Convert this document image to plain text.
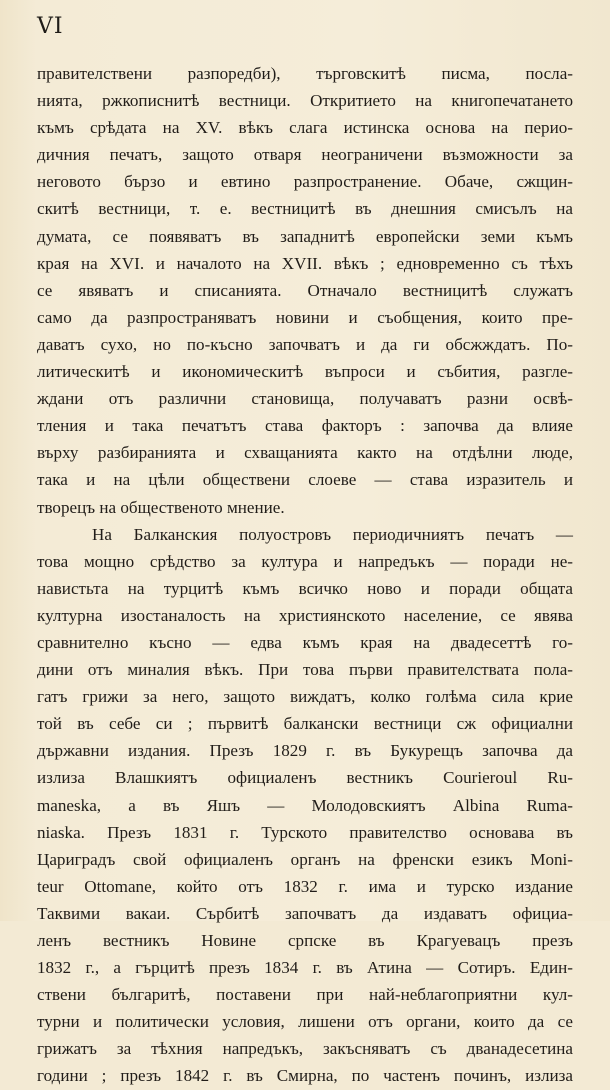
VI
правителствени разпоредби), търговскитѣ писма, посла-
нията, ржкописнитѣ вестници. Откритието на книгопечатането
къмъ срѣдата на XV. вѣкъ слага истинска основа на перио-
дичния печатъ, защото отваря неограничени възможности за
неговото бързо и евтино разпространение. Обаче, сжщин-
скитѣ вестници, т. е. вестницитѣ въ днешния смисълъ на
думата, се появяватъ въ западнитѣ европейски земи къмъ
края на XVI. и началото на XVII. вѣкъ ; едновременно съ тѣхъ
се явяватъ и списанията. Отначало вестницитѣ служатъ
само да разпространяватъ новини и съобщения, които пре-
даватъ сухо, но по-късно започватъ и да ги обсжждатъ. По-
литическитѣ и икономическитѣ въпроси и събития, разгле-
ждани отъ различни становища, получаватъ разни освѣ-
тления и така печатътъ става факторъ : започва да влияе
върху разбиранията и схващанията както на отдѣлни люде,
така и на цѣли обществени слоеве — става изразитель и
творецъ на общественото мнение.
На Балканския полуостровъ периодичниятъ печатъ —
това мощно срѣдство за култура и напредъкъ — поради не-
навистьта на турцитѣ къмъ всичко ново и поради общата
културна изостаналость на християнското население, се явява
сравнително късно — едва къмъ края на двадесеттѣ го-
дини отъ миналия вѣкъ. При това първи правителствата пола-
гатъ грижи за него, защото виждатъ, колко голѣма сила крие
той въ себе си ; първитѣ балкански вестници сж официални
държавни издания. Презъ 1829 г. въ Букурещъ започва да
излиза Влашкиятъ официаленъ вестникъ Courierоul Ru-
maneska, а въ Яшъ — Молодовскиятъ Albina Ruma-
niaska. Презъ 1831 г. Турското правителство основава въ
Цариградъ свой официаленъ органъ на френски езикъ Moni-
teur Ottomane, който отъ 1832 г. има и турско издание
Таквими вакаи. Сърбитѣ започватъ да издаватъ официа-
ленъ вестникъ Новине српске въ Крагуевацъ презъ
1832 г., а гърцитѣ презъ 1834 г. въ Атина — Сотиръ. Един-
ствени българитѣ, поставени при най-неблагоприятни кул-
турни и политически условия, лишени отъ органи, които да се
грижатъ за тѣхния напредъкъ, закъсняватъ съ дванадесетина
години ; презъ 1842 г. въ Смирна, по частенъ починъ, излиза
